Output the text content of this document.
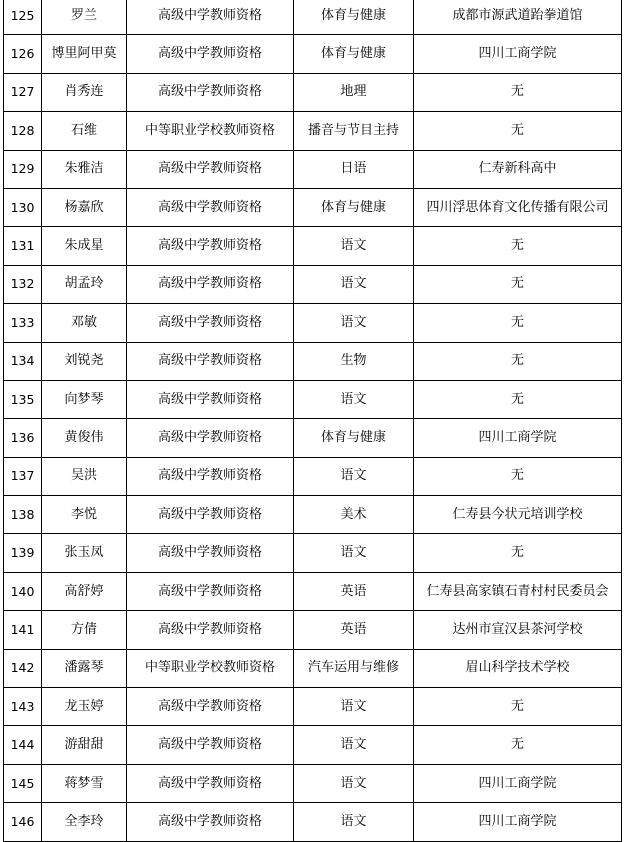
125	罗兰	高级中学教师资格	体育与健康	成都市源武道跆拳道馆
126	博里阿甲莫	高级中学教师资格	体育与健康	四川工商学院
127	肖秀连	高级中学教师资格	地理	无
128	石维	中等职业学校教师资格	播音与节目主持	无
129	朱雅洁	高级中学教师资格	日语	仁寿新科高中
130	杨嘉欣	高级中学教师资格	体育与健康	四川浮思体育文化传播有限公司
131	朱成星	高级中学教师资格	语文	无
132	胡孟玲	高级中学教师资格	语文	无
133	邓敏	高级中学教师资格	语文	无
134	刘锐尧	高级中学教师资格	生物	无
135	向梦琴	高级中学教师资格	语文	无
136	黄俊伟	高级中学教师资格	体育与健康	四川工商学院
137	吴洪	高级中学教师资格	语文	无
138	李悦	高级中学教师资格	美术	仁寿县今状元培训学校
139	张玉凤	高级中学教师资格	语文	无
140	高舒婷	高级中学教师资格	英语	仁寿县高家镇石青村村民委员会
141	方倩	高级中学教师资格	英语	达州市宣汉县茶河学校
142	潘露琴	中等职业学校教师资格	汽车运用与维修	眉山科学技术学校
143	龙玉婷	高级中学教师资格	语文	无
144	游甜甜	高级中学教师资格	语文	无
145	蒋梦雪	高级中学教师资格	语文	四川工商学院
146	全李玲	高级中学教师资格	语文	四川工商学院
